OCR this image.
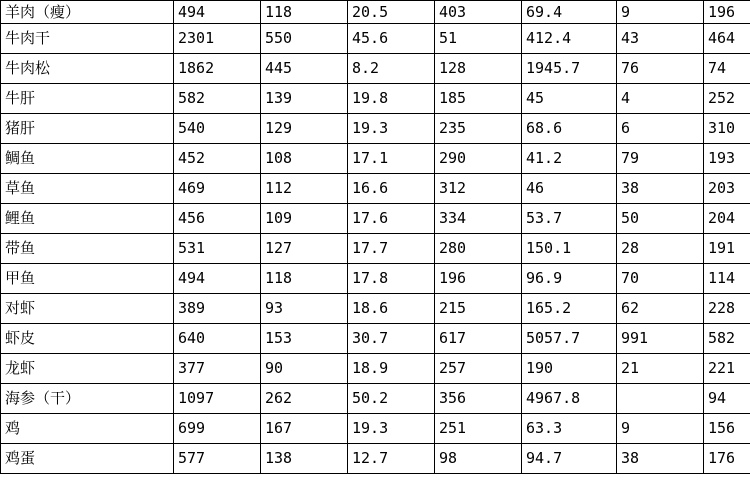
羊肉（瘦）	494	118	20.5	403	69.4	9	196
牛肉干	2301	550	45.6	51	412.4	43	464
牛肉松	1862	445	8.2	128	1945.7	76	74
牛肝	582	139	19.8	185	45	4	252
猪肝	540	129	19.3	235	68.6	6	310
鲷鱼	452	108	17.1	290	41.2	79	193
草鱼	469	112	16.6	312	46	38	203
鲤鱼	456	109	17.6	334	53.7	50	204
带鱼	531	127	17.7	280	150.1	28	191
甲鱼	494	118	17.8	196	96.9	70	114
对虾	389	93	18.6	215	165.2	62	228
虾皮	640	153	30.7	617	5057.7	991	582
龙虾	377	90	18.9	257	190	21	221
海参（干）	1097	262	50.2	356	4967.8		94
鸡	699	167	19.3	251	63.3	9	156
鸡蛋	577	138	12.7	98	94.7	38	176
